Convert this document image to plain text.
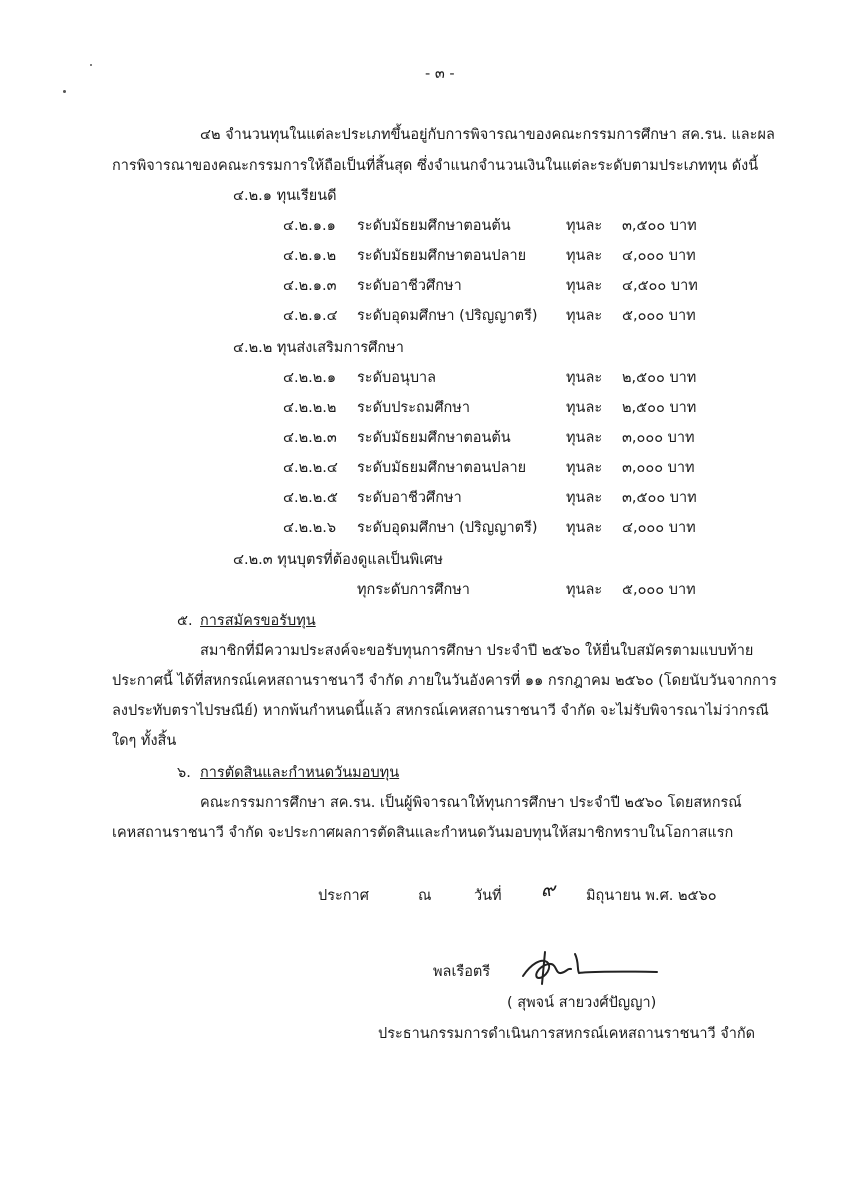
- ๓ -
๔๒ จำนวนทุนในแต่ละประเภทขึ้นอยู่กับการพิจารณาของคณะกรรมการศึกษา สค.รน. และผล
การพิจารณาของคณะกรรมการให้ถือเป็นที่สิ้นสุด ซึ่งจำแนกจำนวนเงินในแต่ละระดับตามประเภททุน ดังนี้
๔.๒.๑ ทุนเรียนดี
๔.๒.๑.๑ ระดับมัธยมศึกษาตอนต้น	ทุนละ ๓,๕๐๐ บาท
๔.๒.๑.๒ ระดับมัธยมศึกษาตอนปลาย	ทุนละ ๔,๐๐๐ บาท
๔.๒.๑.๓ ระดับอาชีวศึกษา	ทุนละ ๔,๕๐๐ บาท
๔.๒.๑.๔ ระดับอุดมศึกษา (ปริญญาตรี) ทุนละ ๕,๐๐๐ บาท
๔.๒.๒ ทุนส่งเสริมการศึกษา
๔.๒.๒.๑ ระดับอนุบาล	ทุนละ ๒,๕๐๐ บาท
๔.๒.๒.๒ ระดับประถมศึกษา	ทุนละ ๒,๕๐๐ บาท
๔.๒.๒.๓ ระดับมัธยมศึกษาตอนต้น	ทุนละ ๓,๐๐๐ บาท
๔.๒.๒.๔ ระดับมัธยมศึกษาตอนปลาย	ทุนละ ๓,๐๐๐ บาท
๔.๒.๒.๕ ระดับอาชีวศึกษา	ทุนละ ๓,๕๐๐ บาท
๔.๒.๒.๖ ระดับอุดมศึกษา (ปริญญาตรี) ทุนละ ๔,๐๐๐ บาท
๔.๒.๓ ทุนบุตรที่ต้องดูแลเป็นพิเศษ
ทุกระดับการศึกษา	ทุนละ ๕,๐๐๐ บาท
๕. การสมัครขอรับทุน
สมาชิกที่มีความประสงค์จะขอรับทุนการศึกษา ประจำปี ๒๕๖๐ ให้ยื่นใบสมัครตามแบบท้าย
ประกาศนี้ ได้ที่สหกรณ์เคหสถานราชนาวี จำกัด ภายในวันอังคารที่ ๑๑ กรกฎาคม ๒๕๖๐ (โดยนับวันจากการ
ลงประทับตราไปรษณีย์) หากพ้นกำหนดนี้แล้ว สหกรณ์เคหสถานราชนาวี จำกัด จะไม่รับพิจารณาไม่ว่ากรณี
ใดๆ ทั้งสิ้น
๖. การตัดสินและกำหนดวันมอบทุน
คณะกรรมการศึกษา สค.รน. เป็นผู้พิจารณาให้ทุนการศึกษา ประจำปี ๒๕๖๐ โดยสหกรณ์
เคหสถานราชนาวี จำกัด จะประกาศผลการตัดสินและกำหนดวันมอบทุนให้สมาชิกทราบในโอกาสแรก
ประกาศ	ณ	วันที่ ๙ มิถุนายน พ.ศ. ๒๕๖๐
พลเรือตรี
( สุพจน์ สายวงศ์ปัญญา)
ประธานกรรมการดำเนินการสหกรณ์เคหสถานราชนาวี จำกัด
